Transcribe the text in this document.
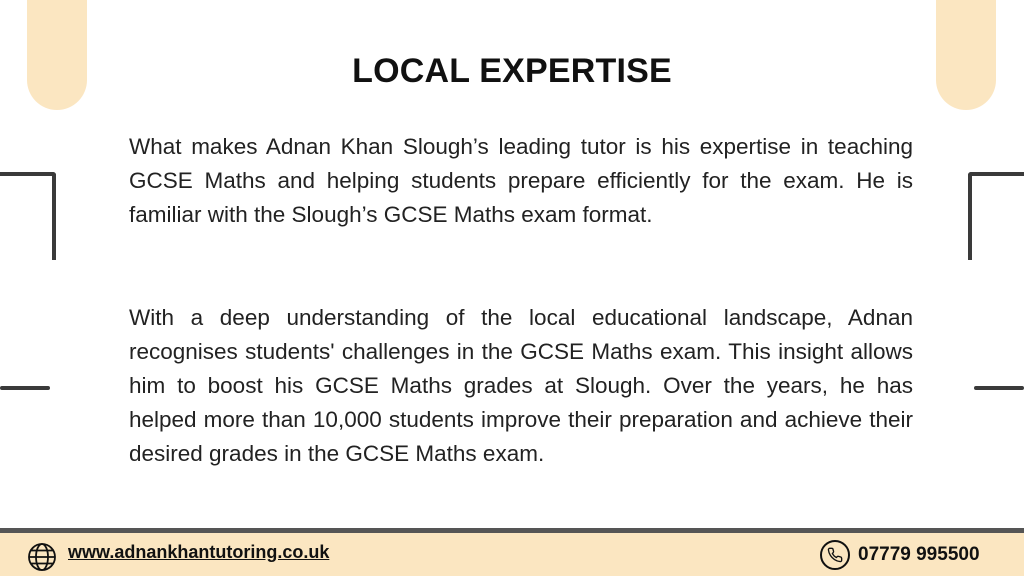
LOCAL EXPERTISE

What makes Adnan Khan Slough’s leading tutor is his expertise in teaching GCSE Maths and helping students prepare efficiently for the exam. He is familiar with the Slough’s GCSE Maths exam format.

With a deep understanding of the local educational landscape, Adnan recognises students' challenges in the GCSE Maths exam. This insight allows him to boost his GCSE Maths grades at Slough. Over the years, he has helped more than 10,000 students improve their preparation and achieve their desired grades in the GCSE Maths exam.

www.adnankhantutoring.co.uk	07779 995500
